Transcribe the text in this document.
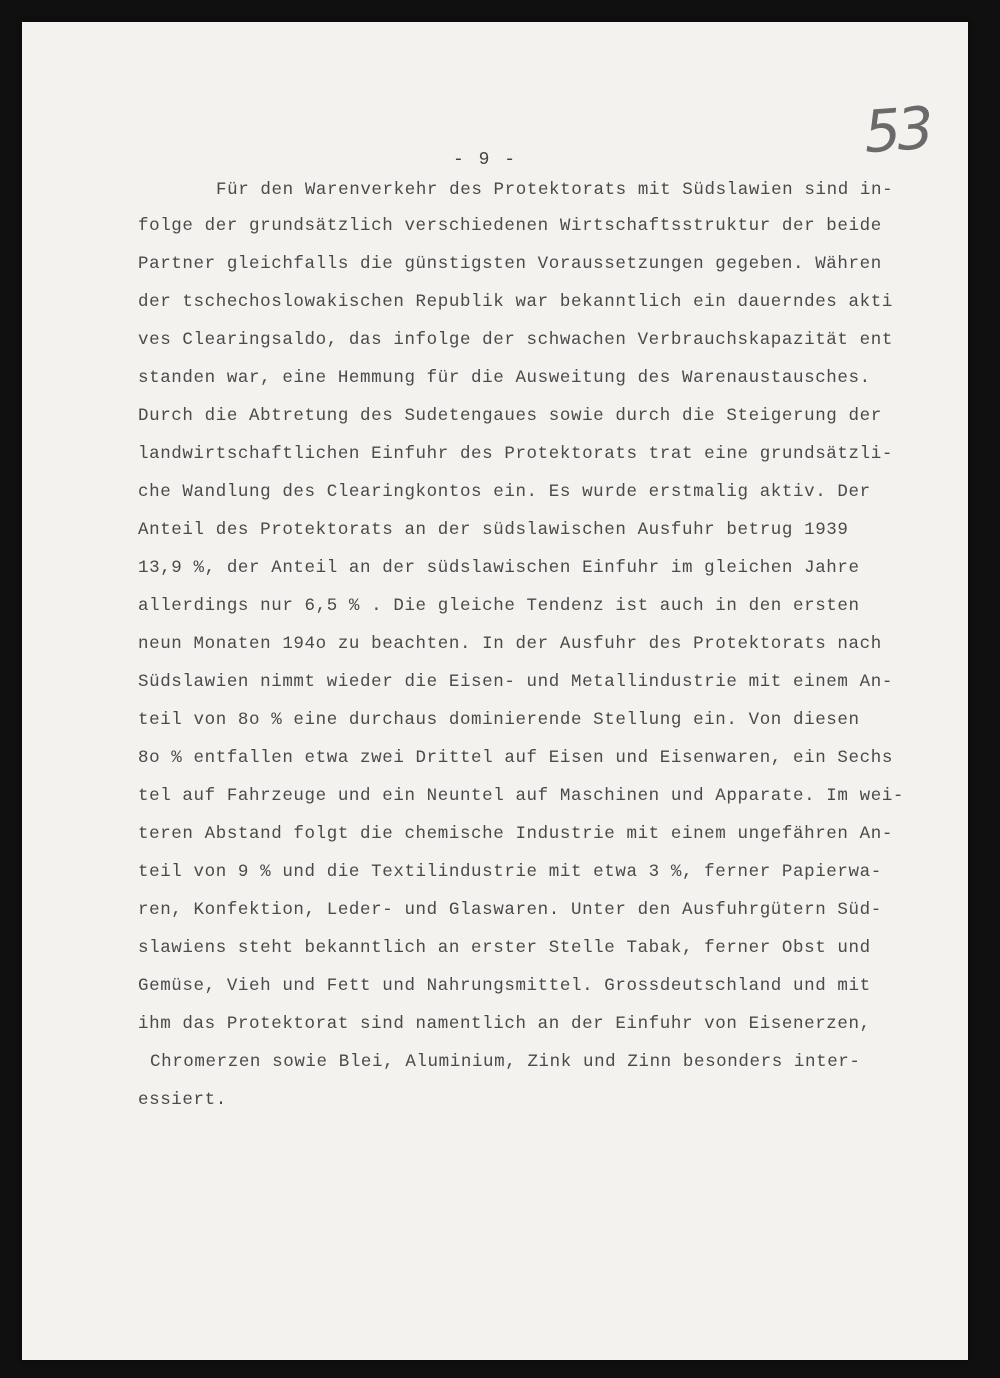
53
- 9 -
Für den Warenverkehr des Protektorats mit Südslawien sind in-
folge der grundsätzlich verschiedenen Wirtschaftsstruktur der beide
Partner gleichfalls die günstigsten Voraussetzungen gegeben. Währen
der tschechoslowakischen Republik war bekanntlich ein dauerndes akti
ves Clearingsaldo, das infolge der schwachen Verbrauchskapazität ent
standen war, eine Hemmung für die Ausweitung des Warenaustausches.
Durch die Abtretung des Sudetengaues sowie durch die Steigerung der
landwirtschaftlichen Einfuhr des Protektorats trat eine grundsätzli-
che Wandlung des Clearingkontos ein. Es wurde erstmalig aktiv. Der
Anteil des Protektorats an der südslawischen Ausfuhr betrug 1939
13,9 %, der Anteil an der südslawischen Einfuhr im gleichen Jahre
allerdings nur 6,5 % . Die gleiche Tendenz ist auch in den ersten
neun Monaten 194o zu beachten. In der Ausfuhr des Protektorats nach
Südslawien nimmt wieder die Eisen- und Metallindustrie mit einem An-
teil von 8o % eine durchaus dominierende Stellung ein. Von diesen
8o % entfallen etwa zwei Drittel auf Eisen und Eisenwaren, ein Sechs
tel auf Fahrzeuge und ein Neuntel auf Maschinen und Apparate. Im wei-
teren Abstand folgt die chemische Industrie mit einem ungefähren An-
teil von 9 % und die Textilindustrie mit etwa 3 %, ferner Papierwa-
ren, Konfektion, Leder- und Glaswaren. Unter den Ausfuhrgütern Süd-
slawiens steht bekanntlich an erster Stelle Tabak, ferner Obst und
Gemüse, Vieh und Fett und Nahrungsmittel. Grossdeutschland und mit
ihm das Protektorat sind namentlich an der Einfuhr von Eisenerzen,
Chromerzen sowie Blei, Aluminium, Zink und Zinn besonders inter-
essiert.
